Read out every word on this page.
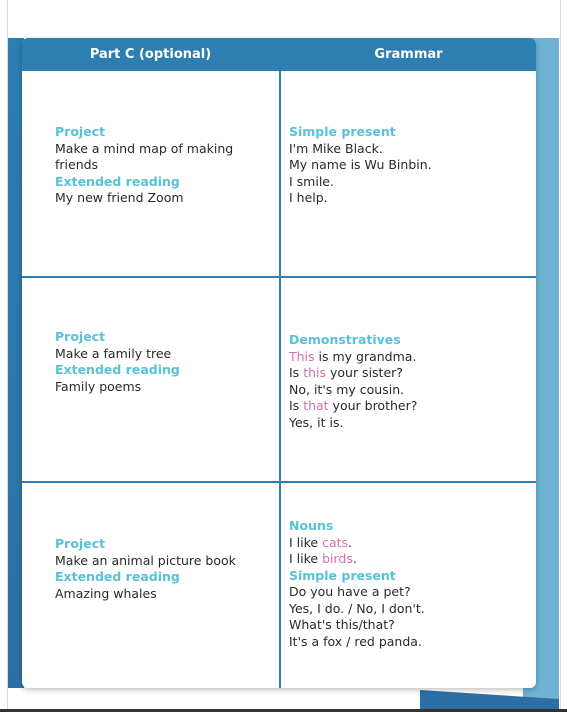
Part C (optional)	Grammar
Project
Make a mind map of making friends
Extended reading
My new friend Zoom
Simple present
I'm Mike Black.
My name is Wu Binbin.
I smile.
I help.
Project
Make a family tree
Extended reading
Family poems
Demonstratives
This is my grandma.
Is this your sister?
No, it's my cousin.
Is that your brother?
Yes, it is.
Project
Make an animal picture book
Extended reading
Amazing whales
Nouns
I like cats.
I like birds.
Simple present
Do you have a pet?
Yes, I do. / No, I don't.
What's this/that?
It's a fox / red panda.
